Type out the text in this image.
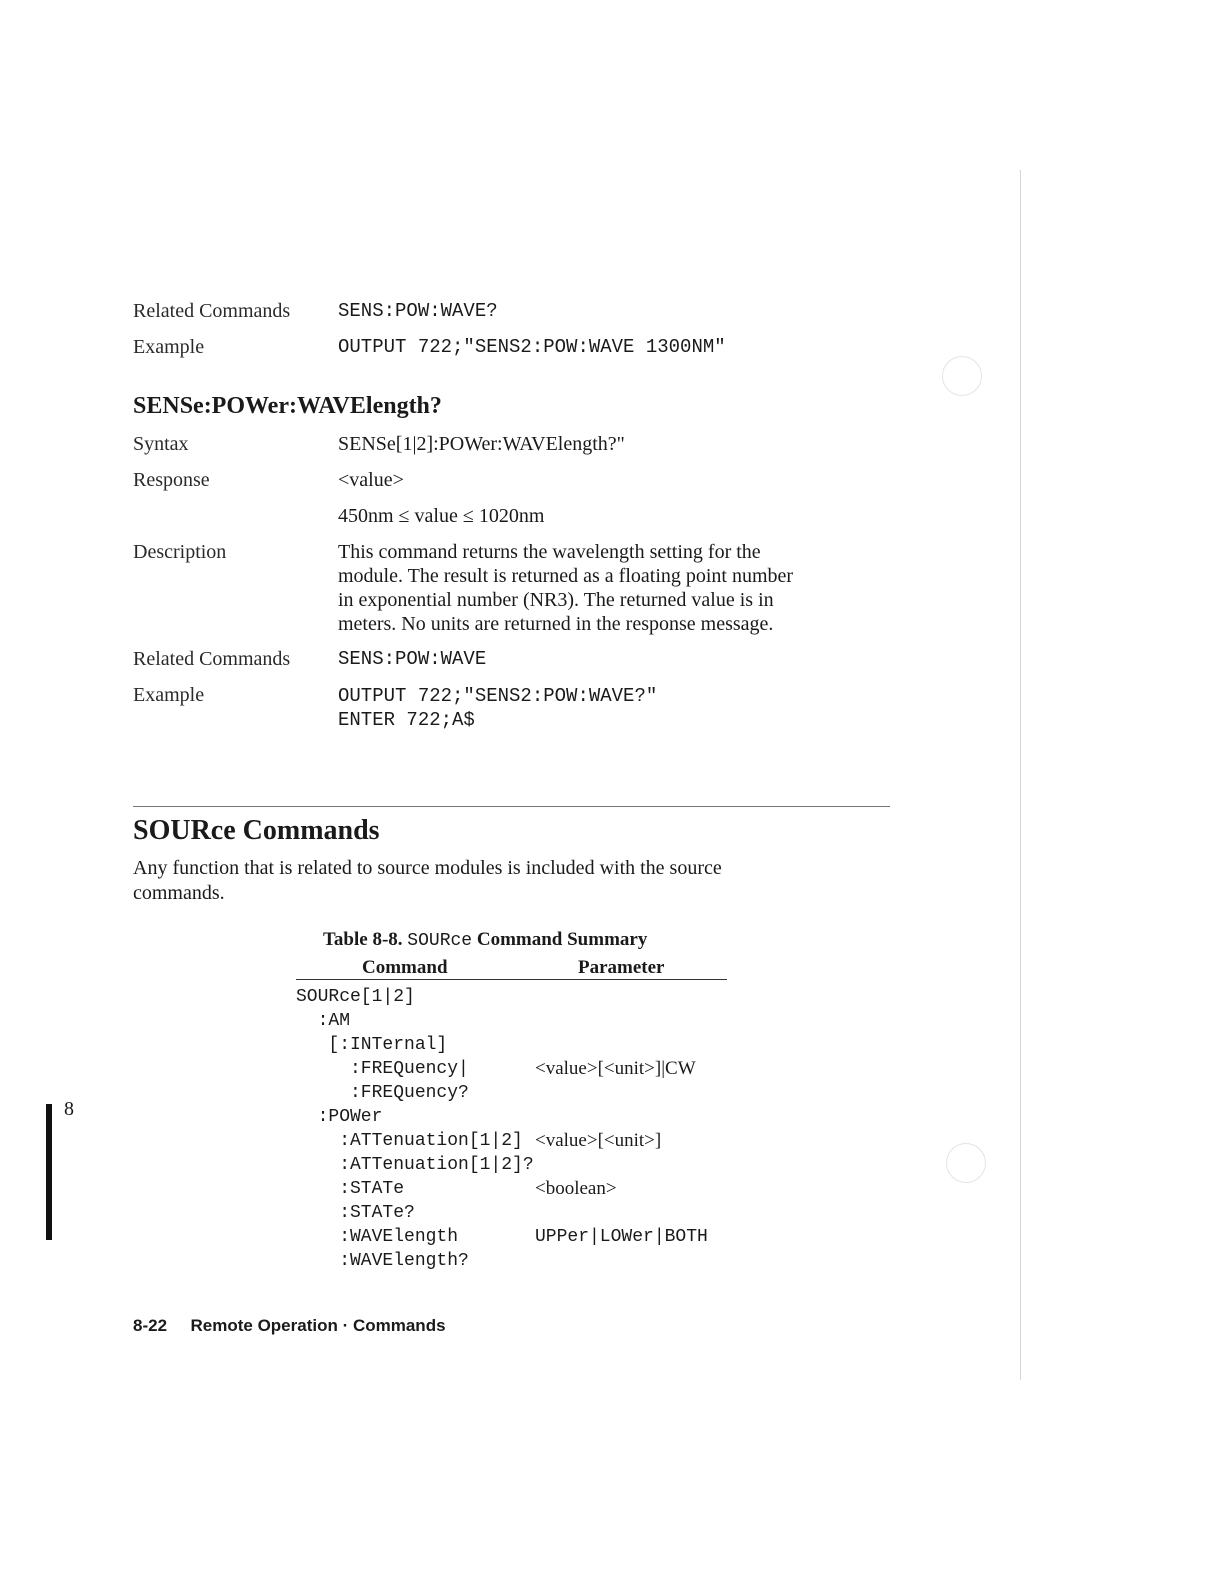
Related Commands	SENS:POW:WAVE?
Example	OUTPUT 722;"SENS2:POW:WAVE 1300NM"
SENSe:POWer:WAVElength?
Syntax	SENSe[1|2]:POWer:WAVElength?"
Response	<value>
450nm ≤ value ≤ 1020nm
Description	This command returns the wavelength setting for the
module. The result is returned as a floating point number
in exponential number (NR3). The returned value is in
meters. No units are returned in the response message.
Related Commands	SENS:POW:WAVE
Example	OUTPUT 722;"SENS2:POW:WAVE?"
ENTER 722;A$
SOURce Commands
Any function that is related to source modules is included with the source
commands.
Table 8-8. SOURce Command Summary
Command	Parameter
SOURce[1|2]
:AM
[:INTernal]
:FREQuency|	<value>[<unit>]|CW
:FREQuency?
:POWer
:ATTenuation[1|2] <value>[<unit>]
:ATTenuation[1|2]?
:STATe	<boolean>
:STATe?
:WAVElength	UPPer|LOWer|BOTH
:WAVElength?
8
8-22 Remote Operation · Commands
